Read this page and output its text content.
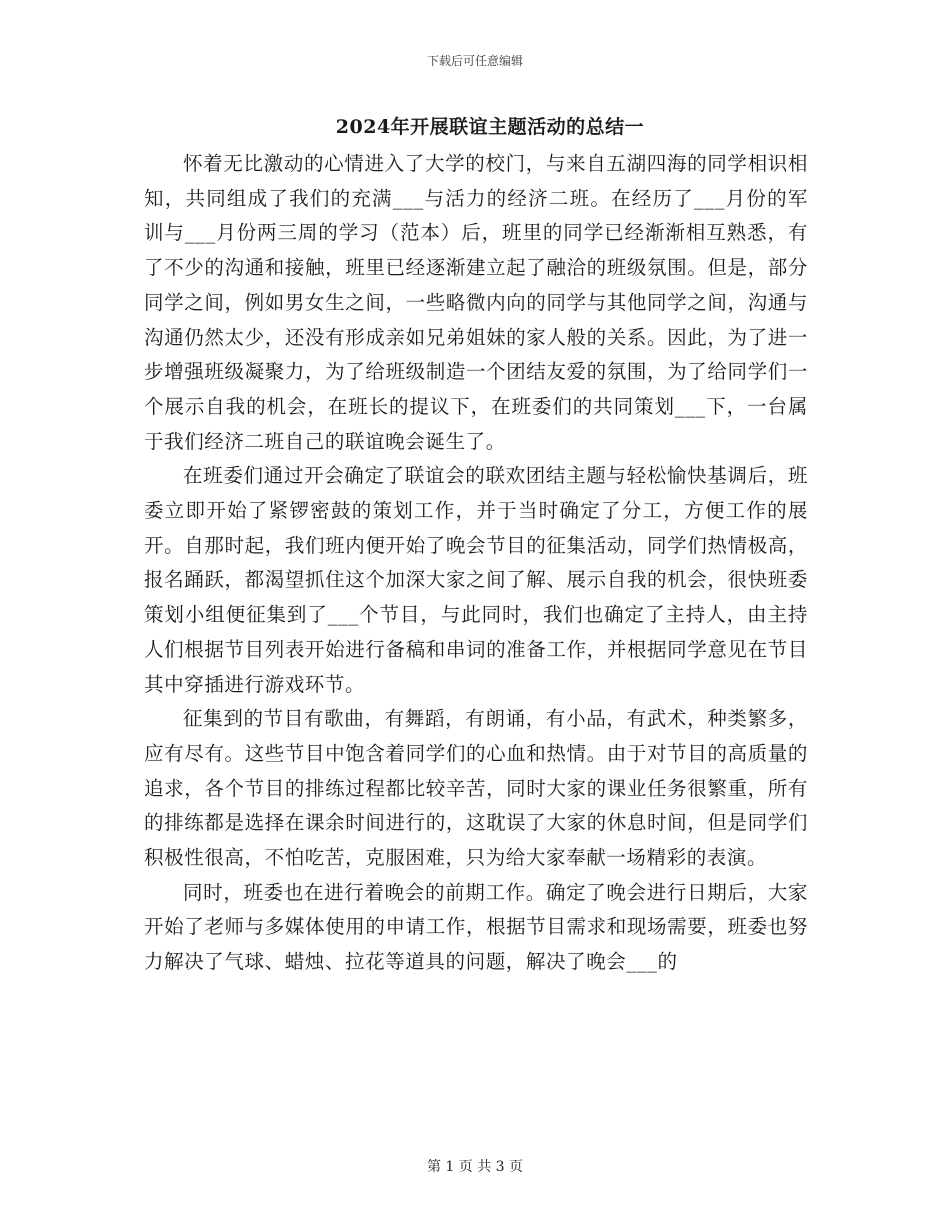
下载后可任意编辑
2024年开展联谊主题活动的总结一

怀着无比激动的心情进入了大学的校门，与来自五湖四海的同学相识相知，共同组成了我们的充满___与活力的经济二班。在经历了___月份的军训与___月份两三周的学习（范本）后，班里的同学已经渐渐相互熟悉，有了不少的沟通和接触，班里已经逐渐建立起了融洽的班级氛围。但是，部分同学之间，例如男女生之间，一些略微内向的同学与其他同学之间，沟通与沟通仍然太少，还没有形成亲如兄弟姐妹的家人般的关系。因此，为了进一步增强班级凝聚力，为了给班级制造一个团结友爱的氛围，为了给同学们一个展示自我的机会，在班长的提议下，在班委们的共同策划___下，一台属于我们经济二班自己的联谊晚会诞生了。

在班委们通过开会确定了联谊会的联欢团结主题与轻松愉快基调后，班委立即开始了紧锣密鼓的策划工作，并于当时确定了分工，方便工作的展开。自那时起，我们班内便开始了晚会节目的征集活动，同学们热情极高，报名踊跃，都渴望抓住这个加深大家之间了解、展示自我的机会，很快班委策划小组便征集到了___个节目，与此同时，我们也确定了主持人，由主持人们根据节目列表开始进行备稿和串词的准备工作，并根据同学意见在节目其中穿插进行游戏环节。

征集到的节目有歌曲，有舞蹈，有朗诵，有小品，有武术，种类繁多，应有尽有。这些节目中饱含着同学们的心血和热情。由于对节目的高质量的追求，各个节目的排练过程都比较辛苦，同时大家的课业任务很繁重，所有的排练都是选择在课余时间进行的，这耽误了大家的休息时间，但是同学们积极性很高，不怕吃苦，克服困难，只为给大家奉献一场精彩的表演。

同时，班委也在进行着晚会的前期工作。确定了晚会进行日期后，大家开始了老师与多媒体使用的申请工作，根据节目需求和现场需要，班委也努力解决了气球、蜡烛、拉花等道具的问题，解决了晚会___的

第 1 页 共 3 页
